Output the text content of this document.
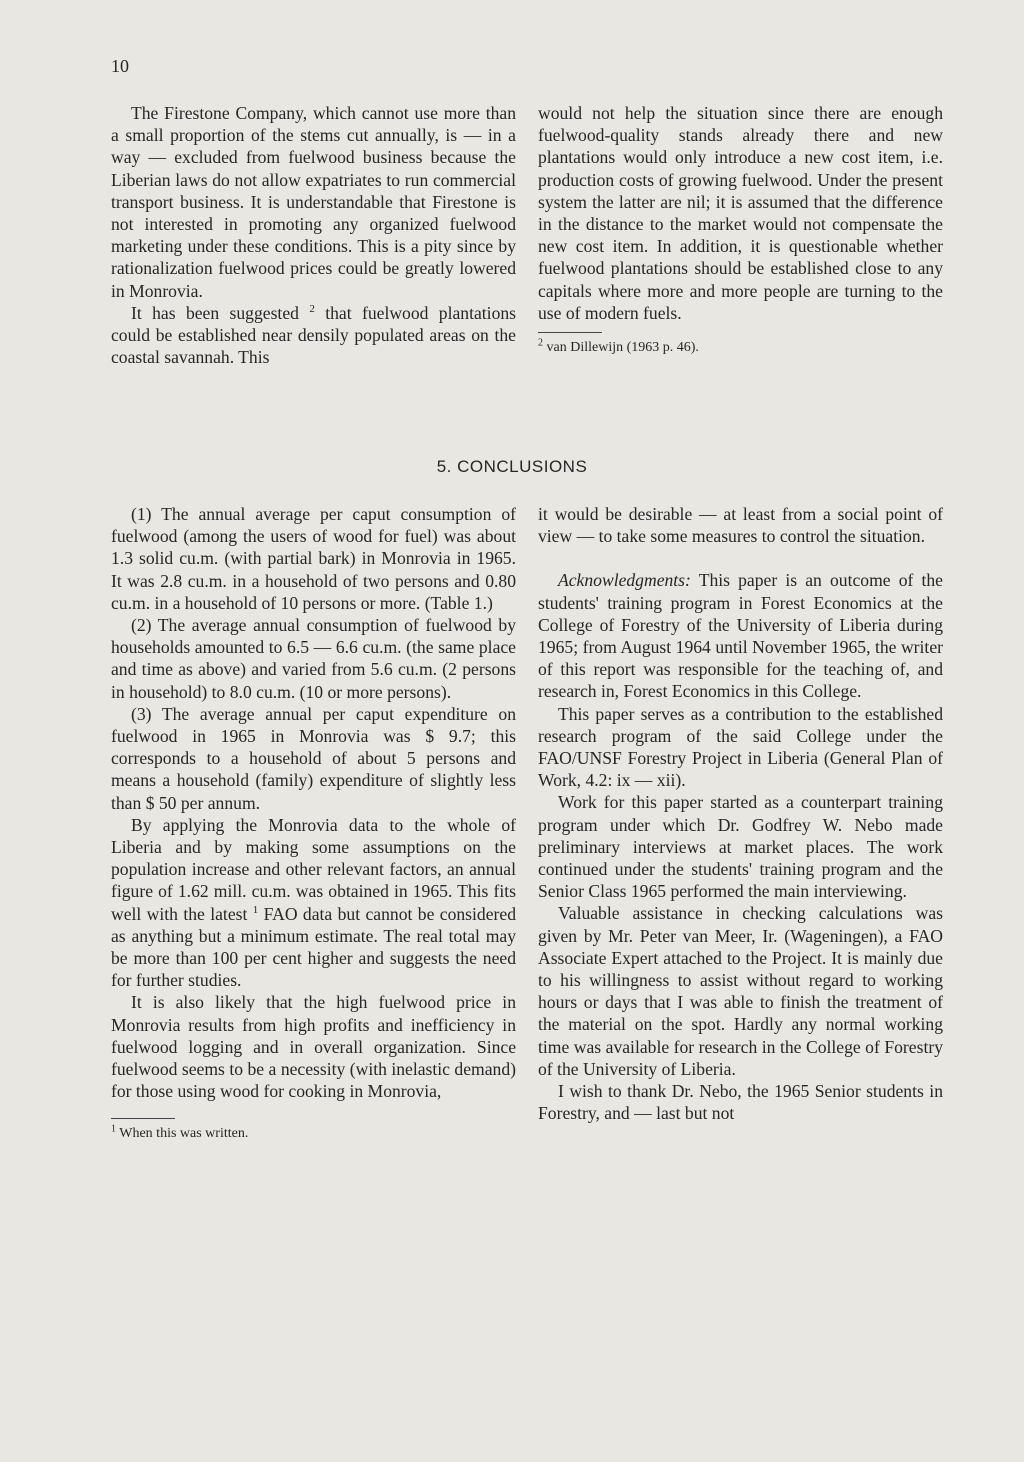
10

The Firestone Company, which cannot use more than a small proportion of the stems cut annually, is — in a way — excluded from fuelwood business because the Liberian laws do not allow expatriates to run commercial transport business. It is understandable that Firestone is not interested in promoting any organized fuelwood marketing under these conditions. This is a pity since by rationalization fuelwood prices could be greatly lowered in Monrovia.

It has been suggested $^2$ that fuelwood plantations could be established near densily populated areas on the coastal savannah. This

would not help the situation since there are enough fuelwood-quality stands already there and new plantations would only introduce a new cost item, i.e. production costs of growing fuelwood. Under the present system the latter are nil; it is assumed that the difference in the distance to the market would not compensate the new cost item. In addition, it is questionable whether fuelwood plantations should be established close to any capitals where more and more people are turning to the use of modern fuels.

$^2$ van Dillewijn (1963 p. 46).

5. CONCLUSIONS

(1) The annual average per caput consumption of fuelwood (among the users of wood for fuel) was about 1.3 solid cu.m. (with partial bark) in Monrovia in 1965. It was 2.8 cu.m. in a household of two persons and 0.80 cu.m. in a household of 10 persons or more. (Table 1.)

(2) The average annual consumption of fuelwood by households amounted to 6.5 — 6.6 cu.m. (the same place and time as above) and varied from 5.6 cu.m. (2 persons in household) to 8.0 cu.m. (10 or more persons).

(3) The average annual per caput expenditure on fuelwood in 1965 in Monrovia was $ 9.7; this corresponds to a household of about 5 persons and means a household (family) expenditure of slightly less than $ 50 per annum.

By applying the Monrovia data to the whole of Liberia and by making some assumptions on the population increase and other relevant factors, an annual figure of 1.62 mill. cu.m. was obtained in 1965. This fits well with the latest $^1$ FAO data but cannot be considered as anything but a minimum estimate. The real total may be more than 100 per cent higher and suggests the need for further studies.

It is also likely that the high fuelwood price in Monrovia results from high profits and inefficiency in fuelwood logging and in overall organization. Since fuelwood seems to be a necessity (with inelastic demand) for those using wood for cooking in Monrovia,

$^1$ When this was written.

it would be desirable — at least from a social point of view — to take some measures to control the situation.

Acknowledgments: This paper is an outcome of the students' training program in Forest Economics at the College of Forestry of the University of Liberia during 1965; from August 1964 until November 1965, the writer of this report was responsible for the teaching of, and research in, Forest Economics in this College.

This paper serves as a contribution to the established research program of the said College under the FAO/UNSF Forestry Project in Liberia (General Plan of Work, 4.2: ix — xii).

Work for this paper started as a counterpart training program under which Dr. Godfrey W. Nebo made preliminary interviews at market places. The work continued under the students' training program and the Senior Class 1965 performed the main interviewing.

Valuable assistance in checking calculations was given by Mr. Peter van Meer, Ir. (Wageningen), a FAO Associate Expert attached to the Project. It is mainly due to his willingness to assist without regard to working hours or days that I was able to finish the treatment of the material on the spot. Hardly any normal working time was available for research in the College of Forestry of the University of Liberia.

I wish to thank Dr. Nebo, the 1965 Senior students in Forestry, and — last but not
